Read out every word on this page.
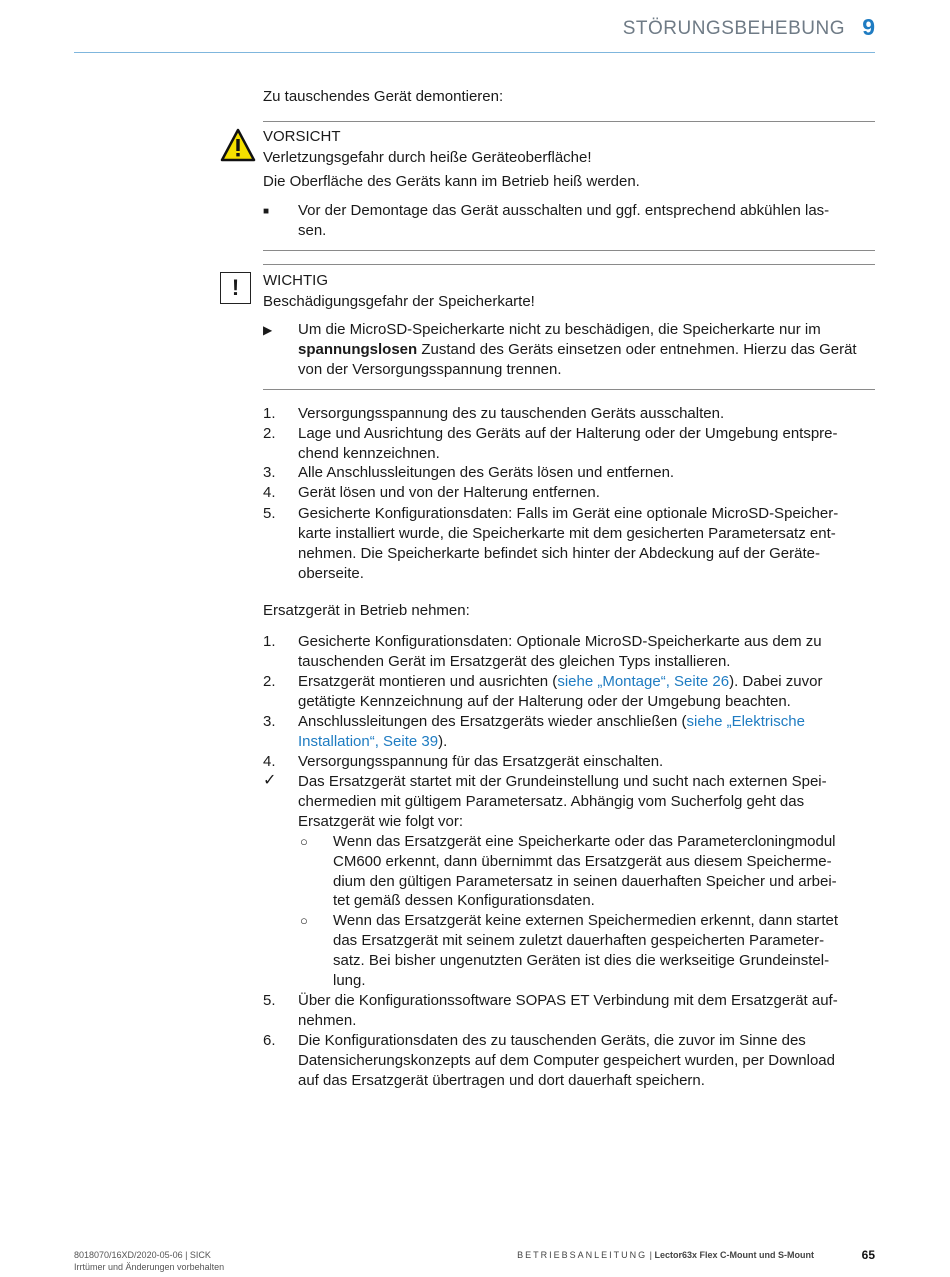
STÖRUNGSBEHEBUNG 9
Zu tauschendes Gerät demontieren:
VORSICHT
Verletzungsgefahr durch heiße Geräteoberfläche!
Die Oberfläche des Geräts kann im Betrieb heiß werden.
■ Vor der Demontage das Gerät ausschalten und ggf. entsprechend abkühlen las-
sen.
!	WICHTIG
Beschädigungsgefahr der Speicherkarte!
▶ Um die MicroSD-Speicherkarte nicht zu beschädigen, die Speicherkarte nur im
spannungslosen Zustand des Geräts einsetzen oder entnehmen. Hierzu das Gerät
von der Versorgungsspannung trennen.
1. Versorgungsspannung des zu tauschenden Geräts ausschalten.
2. Lage und Ausrichtung des Geräts auf der Halterung oder der Umgebung entspre-
chend kennzeichnen.
3. Alle Anschlussleitungen des Geräts lösen und entfernen.
4. Gerät lösen und von der Halterung entfernen.
5. Gesicherte Konfigurationsdaten: Falls im Gerät eine optionale MicroSD-Speicher-
karte installiert wurde, die Speicherkarte mit dem gesicherten Parametersatz ent-
nehmen. Die Speicherkarte befindet sich hinter der Abdeckung auf der Geräte-
oberseite.
Ersatzgerät in Betrieb nehmen:
1. Gesicherte Konfigurationsdaten: Optionale MicroSD-Speicherkarte aus dem zu
tauschenden Gerät im Ersatzgerät des gleichen Typs installieren.
2. Ersatzgerät montieren und ausrichten (siehe „Montage“, Seite 26). Dabei zuvor
getätigte Kennzeichnung auf der Halterung oder der Umgebung beachten.
3. Anschlussleitungen des Ersatzgeräts wieder anschließen (siehe „Elektrische
Installation“, Seite 39).
4. Versorgungsspannung für das Ersatzgerät einschalten.
✓ Das Ersatzgerät startet mit der Grundeinstellung und sucht nach externen Spei-
chermedien mit gültigem Parametersatz. Abhängig vom Sucherfolg geht das
Ersatzgerät wie folgt vor:
○ Wenn das Ersatzgerät eine Speicherkarte oder das Parametercloningmodul
CM600 erkennt, dann übernimmt das Ersatzgerät aus diesem Speicherme-
dium den gültigen Parametersatz in seinen dauerhaften Speicher und arbei-
tet gemäß dessen Konfigurationsdaten.
○ Wenn das Ersatzgerät keine externen Speichermedien erkennt, dann startet
das Ersatzgerät mit seinem zuletzt dauerhaften gespeicherten Parameter-
satz. Bei bisher ungenutzten Geräten ist dies die werkseitige Grundeinstel-
lung.
5. Über die Konfigurationssoftware SOPAS ET Verbindung mit dem Ersatzgerät auf-
nehmen.
6. Die Konfigurationsdaten des zu tauschenden Geräts, die zuvor im Sinne des
Datensicherungskonzepts auf dem Computer gespeichert wurden, per Download
auf das Ersatzgerät übertragen und dort dauerhaft speichern.
8018070/16XD/2020-05-06 | SICK
Irrtümer und Änderungen vorbehalten
BETRIEBSANLEITUNG | Lector63x Flex C-Mount und S-Mount	65
